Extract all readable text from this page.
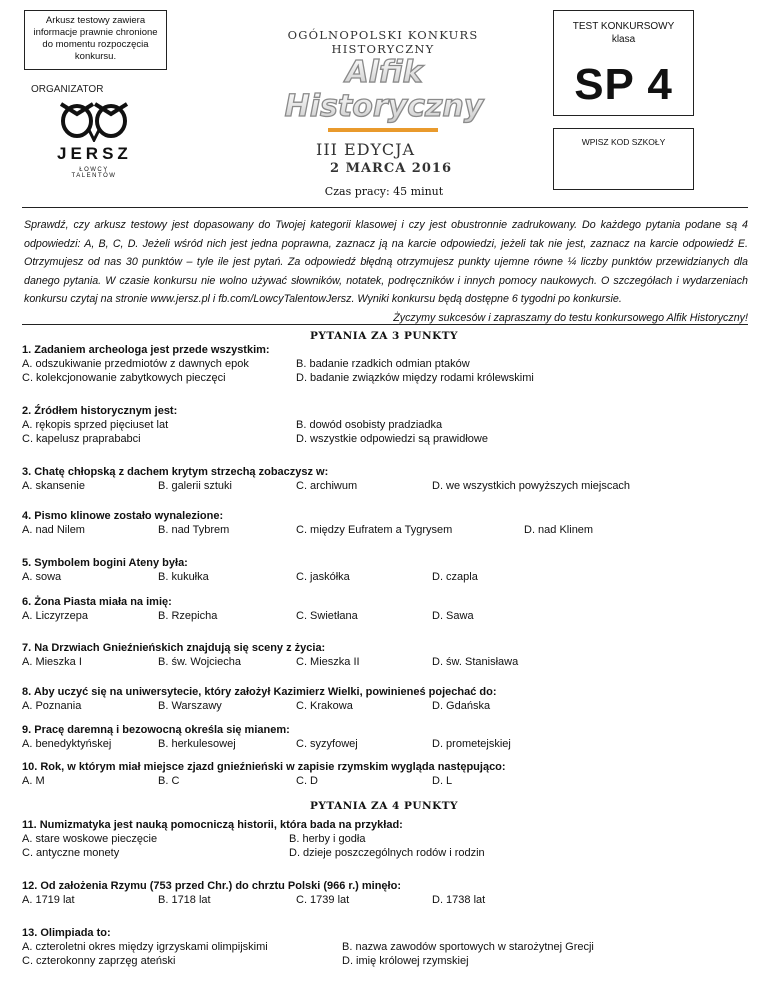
Arkusz testowy zawiera
informacje prawnie chronione
do momentu rozpoczęcia
konkursu.
OGÓLNOPOLSKI KONKURS HISTORYCZNY
ORGANIZATOR
JERSZ
ŁOWCY TALENTÓW
Alfik
Historyczny
III EDYCJA
2 MARCA 2016
Czas pracy: 45 minut
TEST KONKURSOWY
klasa
SP 4
WPISZ KOD SZKOŁY

Sprawdź, czy arkusz testowy jest dopasowany do Twojej kategorii klasowej i czy jest obustronnie zadrukowany. Do każdego pytania podane są 4 odpowiedzi: A, B, C, D. Jeżeli wśród nich jest jedna poprawna, zaznacz ją na karcie odpowiedzi, jeżeli tak nie jest, zaznacz na karcie odpowiedź E. Otrzymujesz od nas 30 punktów – tyle ile jest pytań. Za odpowiedź błędną otrzymujesz punkty ujemne równe ¼ liczby punktów przewidzianych dla danego pytania. W czasie konkursu nie wolno używać słowników, notatek, podręczników i innych pomocy naukowych. O szczegółach i wydarzeniach konkursu czytaj na stronie www.jersz.pl i fb.com/LowcyTalentowJersz. Wyniki konkursu będą dostępne 6 tygodni po konkursie.

Życzymy sukcesów i zapraszamy do testu konkursowego Alfik Historyczny!

PYTANIA ZA 3 PUNKTY
1. Zadaniem archeologa jest przede wszystkim:
A. odszukiwanie przedmiotów z dawnych epok	B. badanie rzadkich odmian ptaków
C. kolekcjonowanie zabytkowych pieczęci	D. badanie związków między rodami królewskimi
2. Źródłem historycznym jest:
A. rękopis sprzed pięciuset lat	B. dowód osobisty pradziadka
C. kapelusz praprababci	D. wszystkie odpowiedzi są prawidłowe
3. Chatę chłopską z dachem krytym strzechą zobaczysz w:
A. skansenie	B. galerii sztuki	C. archiwum	D. we wszystkich powyższych miejscach
4. Pismo klinowe zostało wynalezione:
A. nad Nilem	B. nad Tybrem	C. między Eufratem a Tygrysem	D. nad Klinem
5. Symbolem bogini Ateny była:
A. sowa	B. kukułka	C. jaskółka	D. czapla
6. Żona Piasta miała na imię:
A. Liczyrzepa	B. Rzepicha	C. Swietłana	D. Sawa
7. Na Drzwiach Gnieźnieńskich znajdują się sceny z życia:
A. Mieszka I	B. św. Wojciecha	C. Mieszka II	D. św. Stanisława
8. Aby uczyć się na uniwersytecie, który założył Kazimierz Wielki, powinieneś pojechać do:
A. Poznania	B. Warszawy	C. Krakowa	D. Gdańska
9. Pracę daremną i bezowocną określa się mianem:
A. benedyktyńskej	B. herkulesowej	C. syzyfowej	D. prometejskiej
10. Rok, w którym miał miejsce zjazd gnieźnieński w zapisie rzymskim wygląda następująco:
A. M	B. C	C. D	D. L
PYTANIA ZA 4 PUNKTY
11. Numizmatyka jest nauką pomocniczą historii, która bada na przykład:
A. stare woskowe pieczęcie	B. herby i godła
C. antyczne monety	D. dzieje poszczególnych rodów i rodzin
12. Od założenia Rzymu (753 przed Chr.) do chrztu Polski (966 r.) minęło:
A. 1719 lat	B. 1718 lat	C. 1739 lat	D. 1738 lat
13. Olimpiada to:
A. czteroletni okres między igrzyskami olimpijskimi	B. nazwa zawodów sportowych w starożytnej Grecji
C. czterokonny zaprzęg ateński	D. imię królowej rzymskiej
